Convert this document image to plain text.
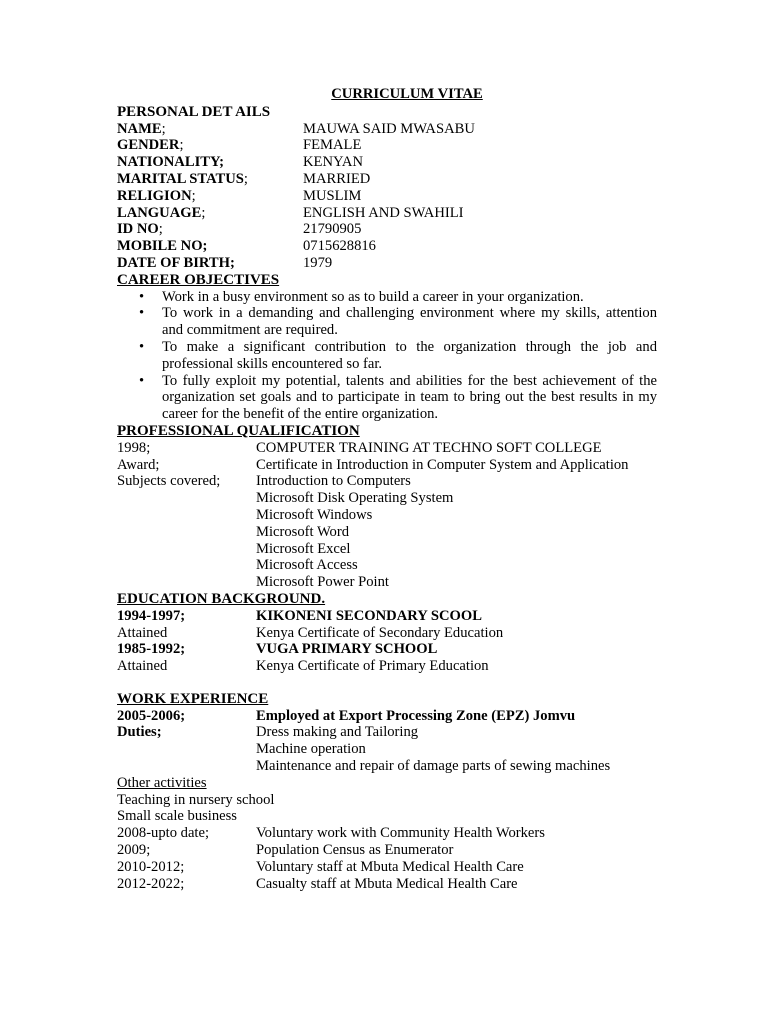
CURRICULUM VITAE
PERSONAL DET AILS
NAME;	MAUWA SAID MWASABU
GENDER;	FEMALE
NATIONALITY;	KENYAN
MARITAL STATUS;	MARRIED
RELIGION;	MUSLIM
LANGUAGE;	ENGLISH AND SWAHILI
ID NO;	21790905
MOBILE NO;	0715628816
DATE OF BIRTH;	1979
CAREER OBJECTIVES
• Work in a busy environment so as to build a career in your organization.
• To work in a demanding and challenging environment where my skills, attention and commitment are required.
• To make a significant contribution to the organization through the job and professional skills encountered so far.
• To fully exploit my potential, talents and abilities for the best achievement of the organization set goals and to participate in team to bring out the best results in my career for the benefit of the entire organization.
PROFESSIONAL QUALIFICATION
1998;	COMPUTER TRAINING AT TECHNO SOFT COLLEGE
Award;	Certificate in Introduction in Computer System and Application
Subjects covered;	Introduction to Computers
Microsoft Disk Operating System
Microsoft Windows
Microsoft Word
Microsoft Excel
Microsoft Access
Microsoft Power Point
EDUCATION BACKGROUND.
1994-1997;	KIKONENI SECONDARY SCOOL
Attained	Kenya Certificate of Secondary Education
1985-1992;	VUGA PRIMARY SCHOOL
Attained	Kenya Certificate of Primary Education
WORK EXPERIENCE
2005-2006;	Employed at Export Processing Zone (EPZ) Jomvu
Duties;	Dress making and Tailoring
Machine operation
Maintenance and repair of damage parts of sewing machines
Other activities
Teaching in nursery school
Small scale business
2008-upto date;	Voluntary work with Community Health Workers
2009;	Population Census as Enumerator
2010-2012;	Voluntary staff at Mbuta Medical Health Care
2012-2022;	Casualty staff at Mbuta Medical Health Care
